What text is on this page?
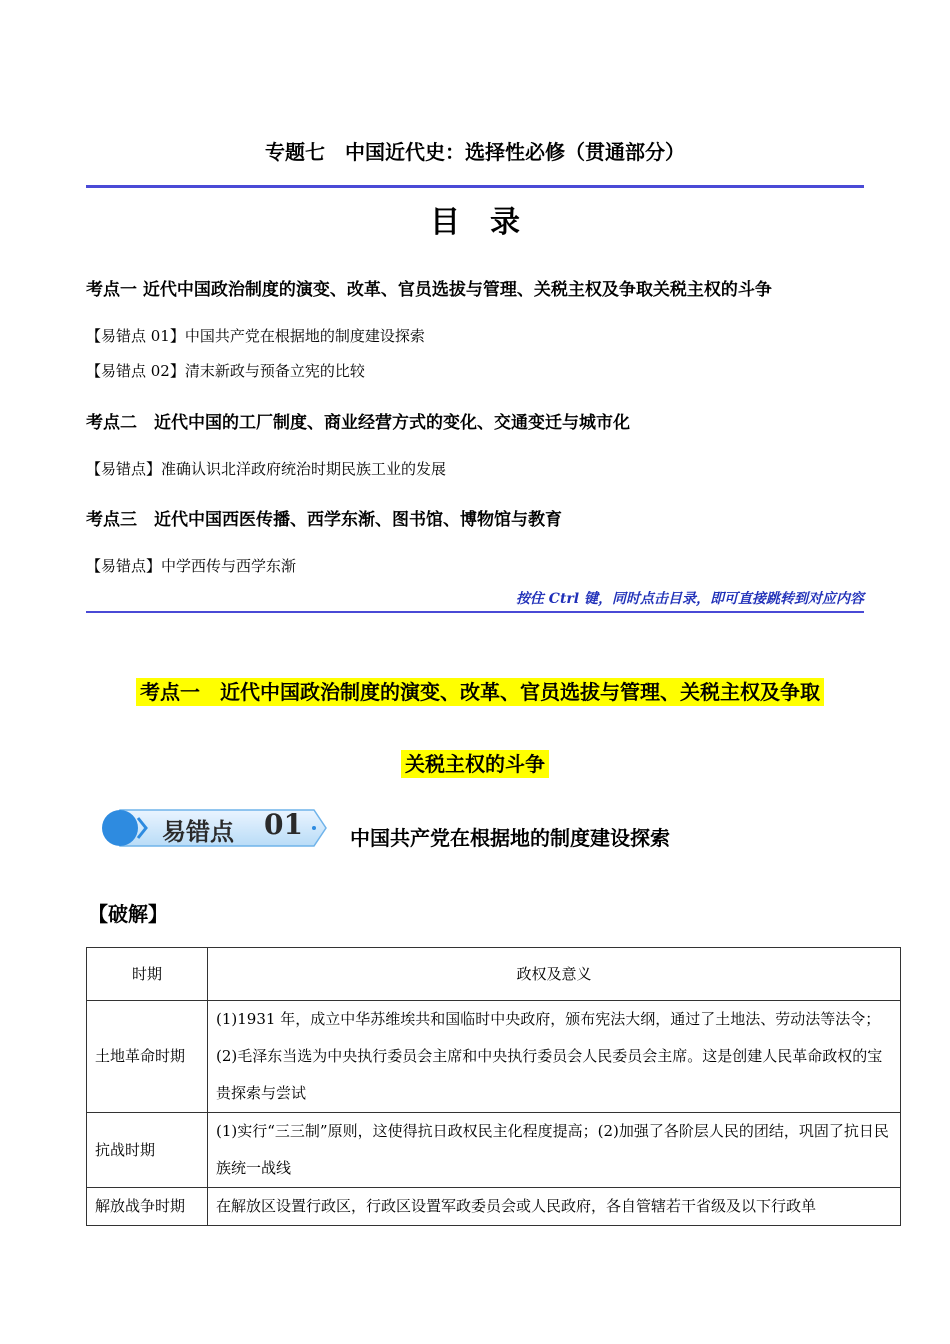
专题七　中国近代史：选择性必修（贯通部分）
目录
考点一 近代中国政治制度的演变、改革、官员选拔与管理、关税主权及争取关税主权的斗争
【易错点 01】中国共产党在根据地的制度建设探索
【易错点 02】清末新政与预备立宪的比较
考点二　近代中国的工厂制度、商业经营方式的变化、交通变迁与城市化
【易错点】准确认识北洋政府统治时期民族工业的发展
考点三　近代中国西医传播、西学东渐、图书馆、博物馆与教育
【易错点】中学西传与西学东渐
按住 Ctrl 键，同时点击目录，即可直接跳转到对应内容
考点一　近代中国政治制度的演变、改革、官员选拔与管理、关税主权及争取
关税主权的斗争
易错点 01 中国共产党在根据地的制度建设探索
【破解】
时期	政权及意义
土地革命时期	(1)1931 年，成立中华苏维埃共和国临时中央政府，颁布宪法大纲，通过了土地法、劳动法等法令；(2)毛泽东当选为中央执行委员会主席和中央执行委员会人民委员会主席。这是创建人民革命政权的宝贵探索与尝试
抗战时期	(1)实行“三三制”原则，这使得抗日政权民主化程度提高；(2)加强了各阶层人民的团结，巩固了抗日民族统一战线
解放战争时期	在解放区设置行政区，行政区设置军政委员会或人民政府，各自管辖若干省级及以下行政单
